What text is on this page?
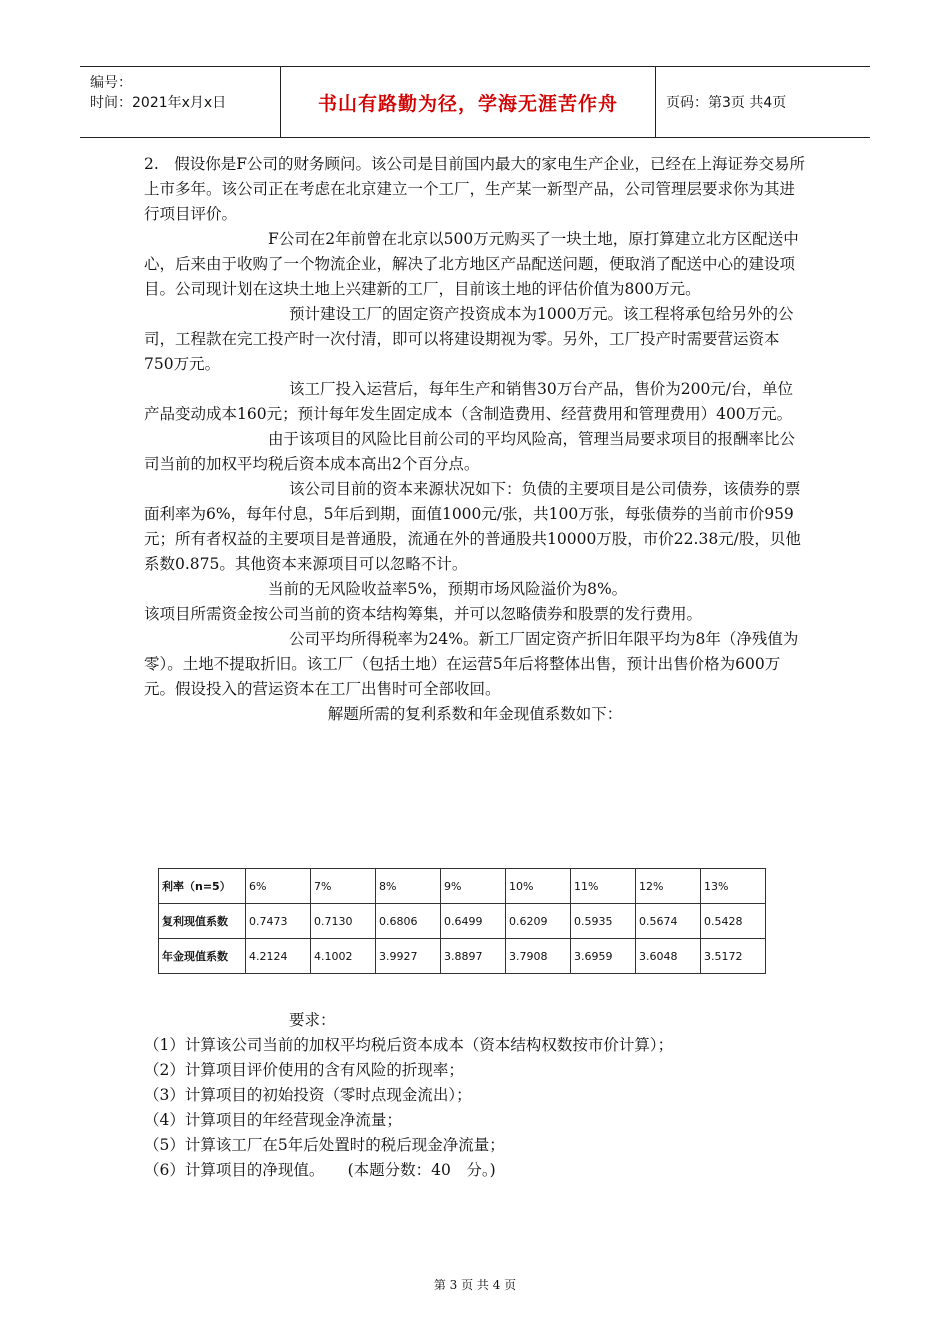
编号：
时间：2021年x月x日	书山有路勤为径，学海无涯苦作舟	页码：第3页 共4页

2.　假设你是F公司的财务顾问。该公司是目前国内最大的家电生产企业，已经在上海证券交易所上市多年。该公司正在考虑在北京建立一个工厂，生产某一新型产品，公司管理层要求你为其进行项目评价。

F公司在2年前曾在北京以500万元购买了一块土地，原打算建立北方区配送中心，后来由于收购了一个物流企业，解决了北方地区产品配送问题，便取消了配送中心的建设项目。公司现计划在这块土地上兴建新的工厂，目前该土地的评估价值为800万元。

预计建设工厂的固定资产投资成本为1000万元。该工程将承包给另外的公司，工程款在完工投产时一次付清，即可以将建设期视为零。另外，工厂投产时需要营运资本750万元。

该工厂投入运营后，每年生产和销售30万台产品，售价为200元/台，单位产品变动成本160元；预计每年发生固定成本（含制造费用、经营费用和管理费用）400万元。

由于该项目的风险比目前公司的平均风险高，管理当局要求项目的报酬率比公司当前的加权平均税后资本成本高出2个百分点。

该公司目前的资本来源状况如下：负债的主要项目是公司债券，该债券的票面利率为6%，每年付息，5年后到期，面值1000元/张，共100万张，每张债券的当前市价959元；所有者权益的主要项目是普通股，流通在外的普通股共10000万股，市价22.38元/股，贝他系数0.875。其他资本来源项目可以忽略不计。

当前的无风险收益率5%，预期市场风险溢价为8%。

该项目所需资金按公司当前的资本结构筹集，并可以忽略债券和股票的发行费用。

公司平均所得税率为24%。新工厂固定资产折旧年限平均为8年（净残值为零）。土地不提取折旧。该工厂（包括土地）在运营5年后将整体出售，预计出售价格为600万元。假设投入的营运资本在工厂出售时可全部收回。

解题所需的复利系数和年金现值系数如下：

利率（n=5）	6%	7%	8%	9%	10%	11%	12%	13%
复利现值系数	0.7473	0.7130	0.6806	0.6499	0.6209	0.5935	0.5674	0.5428
年金现值系数	4.2124	4.1002	3.9927	3.8897	3.7908	3.6959	3.6048	3.5172

要求：

（1）计算该公司当前的加权平均税后资本成本（资本结构权数按市价计算）；

（2）计算项目评价使用的含有风险的折现率；

（3）计算项目的初始投资（零时点现金流出）；

（4）计算项目的年经营现金净流量；

（5）计算该工厂在5年后处置时的税后现金净流量；

（6）计算项目的净现值。　　(本题分数：40　分。)

第 3 页 共 4 页
